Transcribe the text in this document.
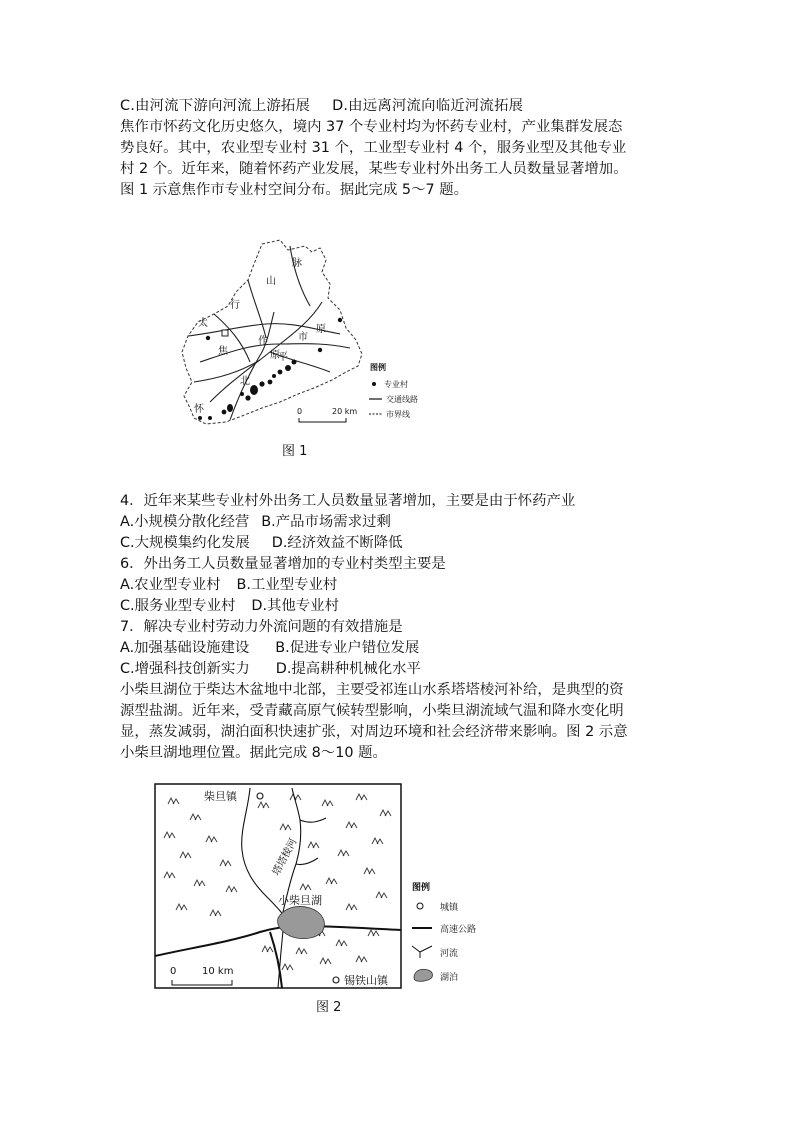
C.由河流下游向河流上游拓展 D.由远离河流向临近河流拓展
焦作市怀药文化历史悠久，境内 37 个专业村均为怀药专业村，产业集群发展态
势良好。其中，农业型专业村 31 个，工业型专业村 4 个，服务业型及其他专业
村 2 个。近年来，随着怀药产业发展，某些专业村外出务工人员数量显著增加。
图 1 示意焦作市专业村空间分布。据此完成 5～7 题。
太
行
山
脉
焦
作	市
原
平
北
原
怀
图例
专业村
交通线路
市界线
0	20 km
图 1
4．近年来某些专业村外出务工人员数量显著增加，主要是由于怀药产业
A.小规模分散化经营 B.产品市场需求过剩
C.大规模集约化发展 D.经济效益不断降低
6．外出务工人员数量显著增加的专业村类型主要是
A.农业型专业村 B.工业型专业村
C.服务业型专业村 D.其他专业村
7．解决专业村劳动力外流问题的有效措施是
A.加强基础设施建设 B.促进专业户错位发展
C.增强科技创新实力 D.提高耕种机械化水平
小柴旦湖位于柴达木盆地中北部，主要受祁连山水系塔塔棱河补给，是典型的资
源型盐湖。近年来，受青藏高原气候转型影响，小柴旦湖流域气温和降水变化明
显，蒸发减弱，湖泊面积快速扩张，对周边环境和社会经济带来影响。图 2 示意
小柴旦湖地理位置。据此完成 8～10 题。
柴旦镇
锡铁山镇
小柴旦湖
塔塔棱河
0	10 km
图例
城镇
高速公路
河流
湖泊
图 2
